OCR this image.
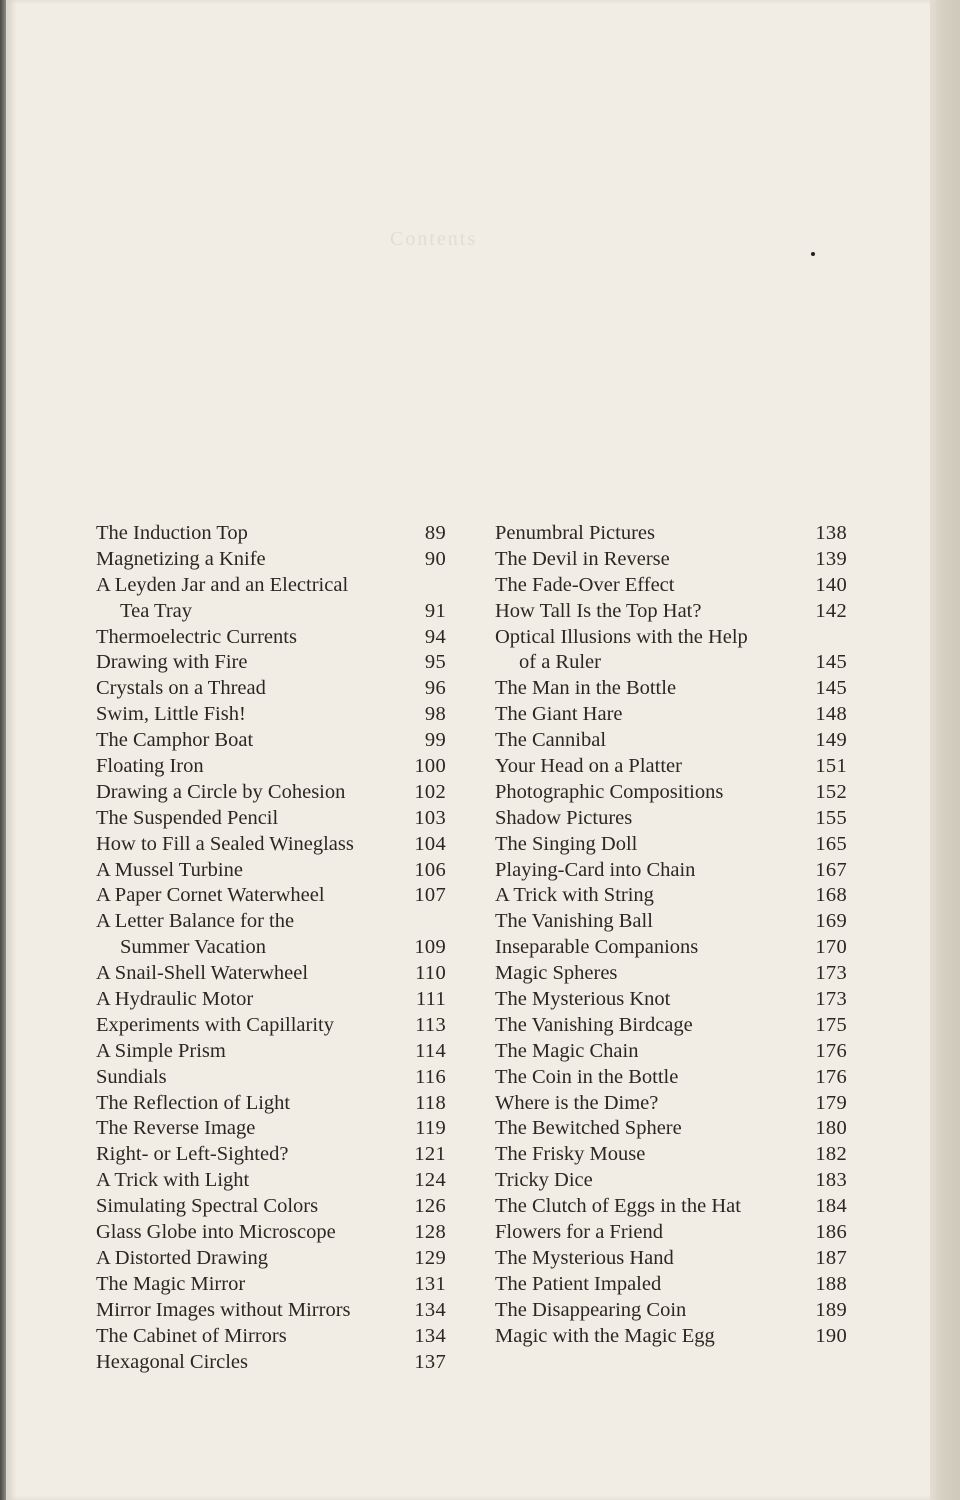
Contents
The Induction Top	89
Magnetizing a Knife	90
A Leyden Jar and an Electrical
Tea Tray	91
Thermoelectric Currents	94
Drawing with Fire	95
Crystals on a Thread	96
Swim, Little Fish!	98
The Camphor Boat	99
Floating Iron	100
Drawing a Circle by Cohesion	102
The Suspended Pencil	103
How to Fill a Sealed Wineglass	104
A Mussel Turbine	106
A Paper Cornet Waterwheel	107
A Letter Balance for the
Summer Vacation	109
A Snail-Shell Waterwheel	110
A Hydraulic Motor	111
Experiments with Capillarity	113
A Simple Prism	114
Sundials	116
The Reflection of Light	118
The Reverse Image	119
Right- or Left-Sighted?	121
A Trick with Light	124
Simulating Spectral Colors	126
Glass Globe into Microscope	128
A Distorted Drawing	129
The Magic Mirror	131
Mirror Images without Mirrors	134
The Cabinet of Mirrors	134
Hexagonal Circles	137
Penumbral Pictures	138
The Devil in Reverse	139
The Fade-Over Effect	140
How Tall Is the Top Hat?	142
Optical Illusions with the Help
of a Ruler	145
The Man in the Bottle	145
The Giant Hare	148
The Cannibal	149
Your Head on a Platter	151
Photographic Compositions	152
Shadow Pictures	155
The Singing Doll	165
Playing-Card into Chain	167
A Trick with String	168
The Vanishing Ball	169
Inseparable Companions	170
Magic Spheres	173
The Mysterious Knot	173
The Vanishing Birdcage	175
The Magic Chain	176
The Coin in the Bottle	176
Where is the Dime?	179
The Bewitched Sphere	180
The Frisky Mouse	182
Tricky Dice	183
The Clutch of Eggs in the Hat	184
Flowers for a Friend	186
The Mysterious Hand	187
The Patient Impaled	188
The Disappearing Coin	189
Magic with the Magic Egg	190
